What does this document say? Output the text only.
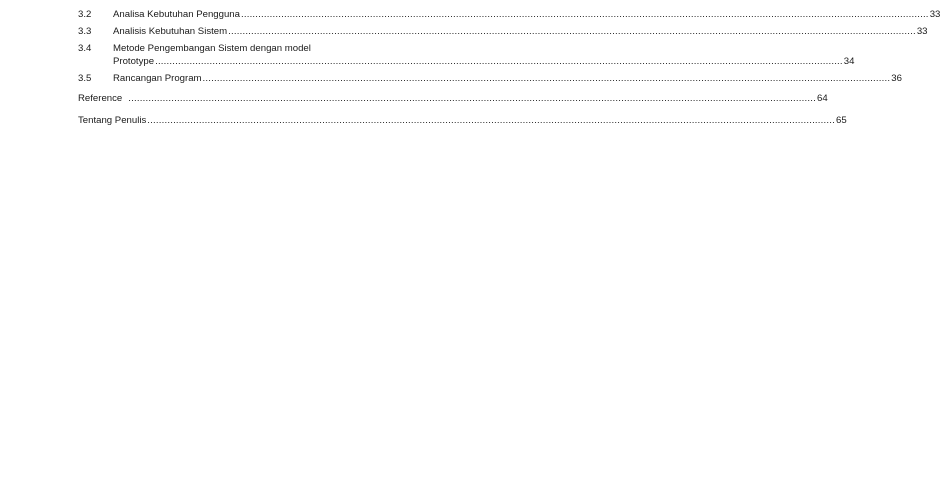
3.2	Analisa Kebutuhan Pengguna .....	33
3.3	Analisis Kebutuhan Sistem .....	33
3.4	Metode Pengembangan Sistem dengan model
Prototype .....	34
3.5	Rancangan Program .....	36
Reference .....	64
Tentang Penulis .....	65
